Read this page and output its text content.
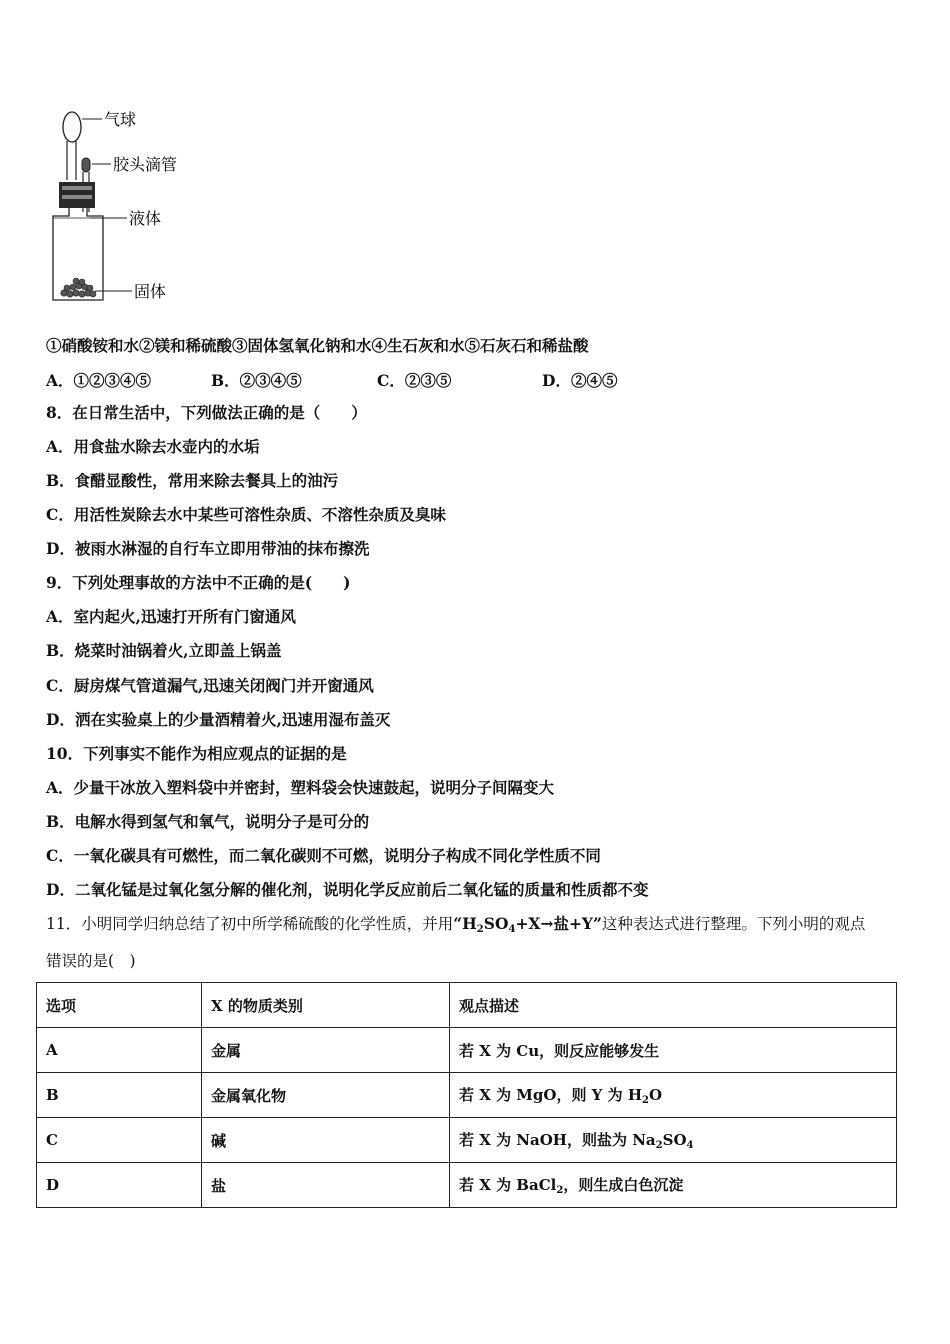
气球
胶头滴管
液体
固体
①硝酸铵和水②镁和稀硫酸③固体氢氧化钠和水④生石灰和水⑤石灰石和稀盐酸
A．①②③④⑤	B．②③④⑤	C．②③⑤	D．②④⑤
8．在日常生活中，下列做法正确的是（　　）
A．用食盐水除去水壶内的水垢
B．食醋显酸性，常用来除去餐具上的油污
C．用活性炭除去水中某些可溶性杂质、不溶性杂质及臭味
D．被雨水淋湿的自行车立即用带油的抹布擦洗
9．下列处理事故的方法中不正确的是(　　)
A．室内起火,迅速打开所有门窗通风
B．烧菜时油锅着火,立即盖上锅盖
C．厨房煤气管道漏气,迅速关闭阀门并开窗通风
D．洒在实验桌上的少量酒精着火,迅速用湿布盖灭
10．下列事实不能作为相应观点的证据的是
A．少量干冰放入塑料袋中并密封，塑料袋会快速鼓起，说明分子间隔变大
B．电解水得到氢气和氧气，说明分子是可分的
C．一氧化碳具有可燃性，而二氧化碳则不可燃，说明分子构成不同化学性质不同
D．二氧化锰是过氧化氢分解的催化剂，说明化学反应前后二氧化锰的质量和性质都不变
11．小明同学归纳总结了初中所学稀硫酸的化学性质，并用“$H_2SO_4+X\to$盐+Y”这种表达式进行整理。下列小明的观点
错误的是(　)
选项	X 的物质类别	观点描述
A	金属	若 X 为 Cu，则反应能够发生
B	金属氧化物	若 X 为 MgO，则 Y 为 $H_2O$
C	碱	若 X 为 NaOH，则盐为 $Na_2SO_4$
D	盐	若 X 为 BaCl$_2$，则生成白色沉淀
